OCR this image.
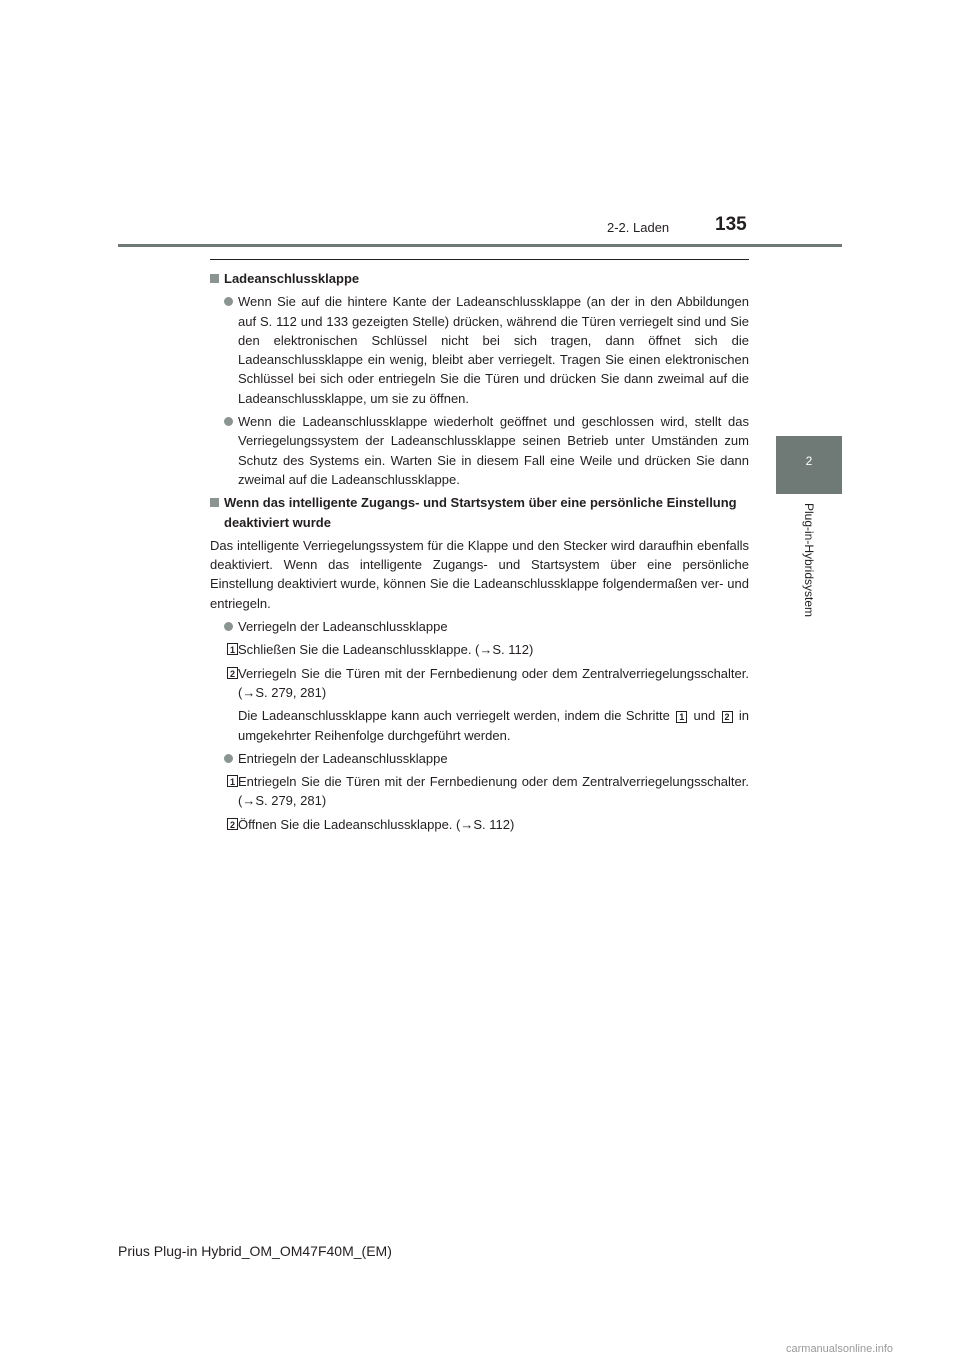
2-2. Laden 135
2
Plug-in-Hybridsystem
Ladeanschlussklappe
Wenn Sie auf die hintere Kante der Ladeanschlussklappe (an der in den Abbildungen auf S. 112 und 133 gezeigten Stelle) drücken, während die Türen verriegelt sind und Sie den elektronischen Schlüssel nicht bei sich tragen, dann öffnet sich die Ladeanschlussklappe ein wenig, bleibt aber verriegelt. Tragen Sie einen elektronischen Schlüssel bei sich oder entriegeln Sie die Türen und drücken Sie dann zweimal auf die Ladeanschlussklappe, um sie zu öffnen.
Wenn die Ladeanschlussklappe wiederholt geöffnet und geschlossen wird, stellt das Verriegelungssystem der Ladeanschlussklappe seinen Betrieb unter Umständen zum Schutz des Systems ein. Warten Sie in diesem Fall eine Weile und drücken Sie dann zweimal auf die Ladeanschlussklappe.
Wenn das intelligente Zugangs- und Startsystem über eine persönliche Einstellung deaktiviert wurde
Das intelligente Verriegelungssystem für die Klappe und den Stecker wird daraufhin ebenfalls deaktiviert. Wenn das intelligente Zugangs- und Startsystem über eine persönliche Einstellung deaktiviert wurde, können Sie die Ladeanschlussklappe folgendermaßen ver- und entriegeln.
Verriegeln der Ladeanschlussklappe
1 Schließen Sie die Ladeanschlussklappe. (→S. 112)
2 Verriegeln Sie die Türen mit der Fernbedienung oder dem Zentralverriegelungsschalter. (→S. 279, 281)
Die Ladeanschlussklappe kann auch verriegelt werden, indem die Schritte 1 und 2 in umgekehrter Reihenfolge durchgeführt werden.
Entriegeln der Ladeanschlussklappe
1 Entriegeln Sie die Türen mit der Fernbedienung oder dem Zentralverriegelungsschalter. (→S. 279, 281)
2 Öffnen Sie die Ladeanschlussklappe. (→S. 112)
Prius Plug-in Hybrid_OM_OM47F40M_(EM)
carmanualsonline.info
